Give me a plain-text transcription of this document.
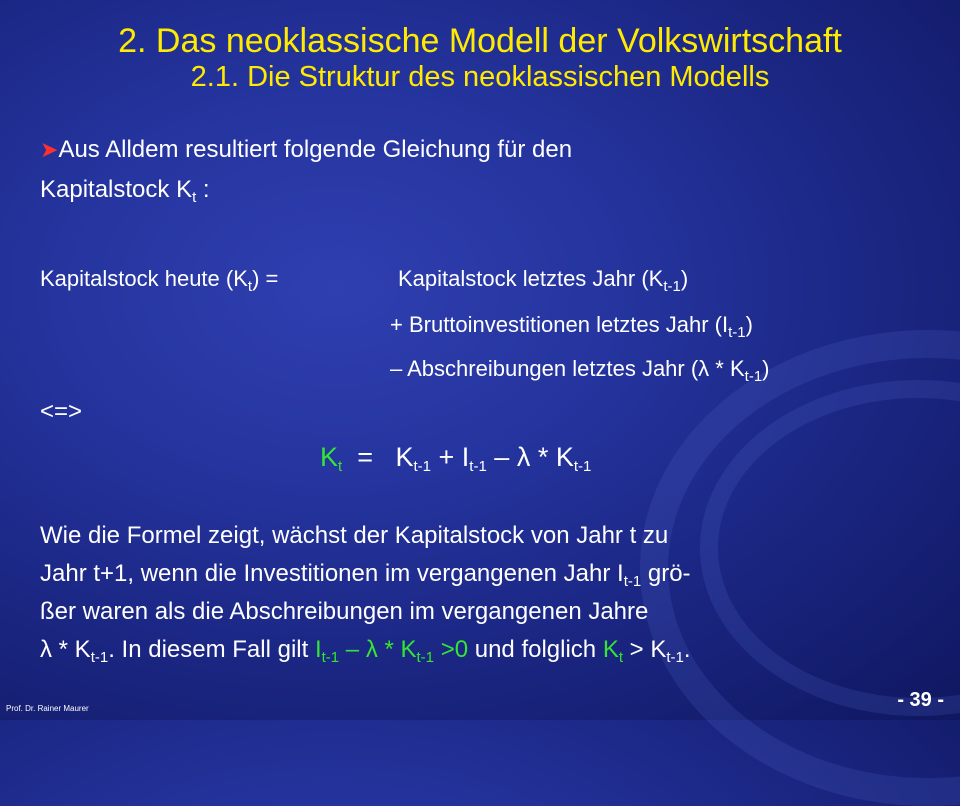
2. Das neoklassische Modell der Volkswirtschaft
2.1. Die Struktur des neoklassischen Modells
➤Aus Alldem resultiert folgende Gleichung für den
Kapitalstock $K_t$ :
Kapitalstock heute $(K_t)$ =	Kapitalstock letztes Jahr $(K_{t-1})$
+ Bruttoinvestitionen letztes Jahr $(I_{t-1})$
– Abschreibungen letztes Jahr $(\lambda * K_{t-1})$
<=>
$K_t = K_{t-1} + I_{t-1} - \lambda * K_{t-1}$
Wie die Formel zeigt, wächst der Kapitalstock von Jahr t zu
Jahr t+1, wenn die Investitionen im vergangenen Jahr $I_{t-1}$ grö-
ßer waren als die Abschreibungen im vergangenen Jahre
λ * $K_{t-1}$. In diesem Fall gilt $I_{t-1} - \lambda * K_{t-1} >0$ und folglich $K_t > K_{t-1}$.
Prof. Dr. Rainer Maurer	- 39 -
